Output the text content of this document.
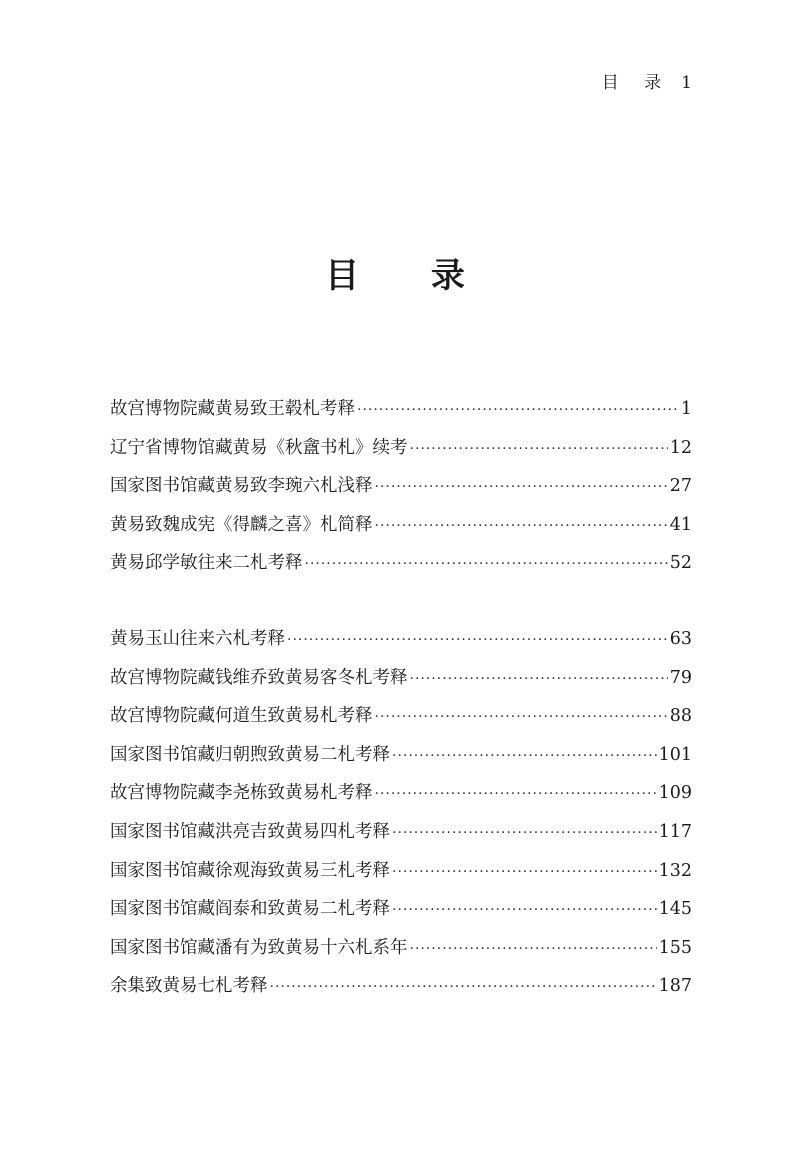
目 录 1
目 录
故宫博物院藏黄易致王毂札考释 ·····	1
辽宁省博物馆藏黄易《秋盦书札》续考 ·····	12
国家图书馆藏黄易致李琬六札浅释 ·····	27
黄易致魏成宪《得麟之喜》札简释 ·····	41
黄易邱学敏往来二札考释 ·····	52
黄易玉山往来六札考释 ·····	63
故宫博物院藏钱维乔致黄易客冬札考释 ·····	79
故宫博物院藏何道生致黄易札考释 ·····	88
国家图书馆藏归朝煦致黄易二札考释 ·····	101
故宫博物院藏李尧栋致黄易札考释 ·····	109
国家图书馆藏洪亮吉致黄易四札考释 ·····	117
国家图书馆藏徐观海致黄易三札考释 ·····	132
国家图书馆藏阎泰和致黄易二札考释 ·····	145
国家图书馆藏潘有为致黄易十六札系年 ·····	155
余集致黄易七札考释 ·····	187
